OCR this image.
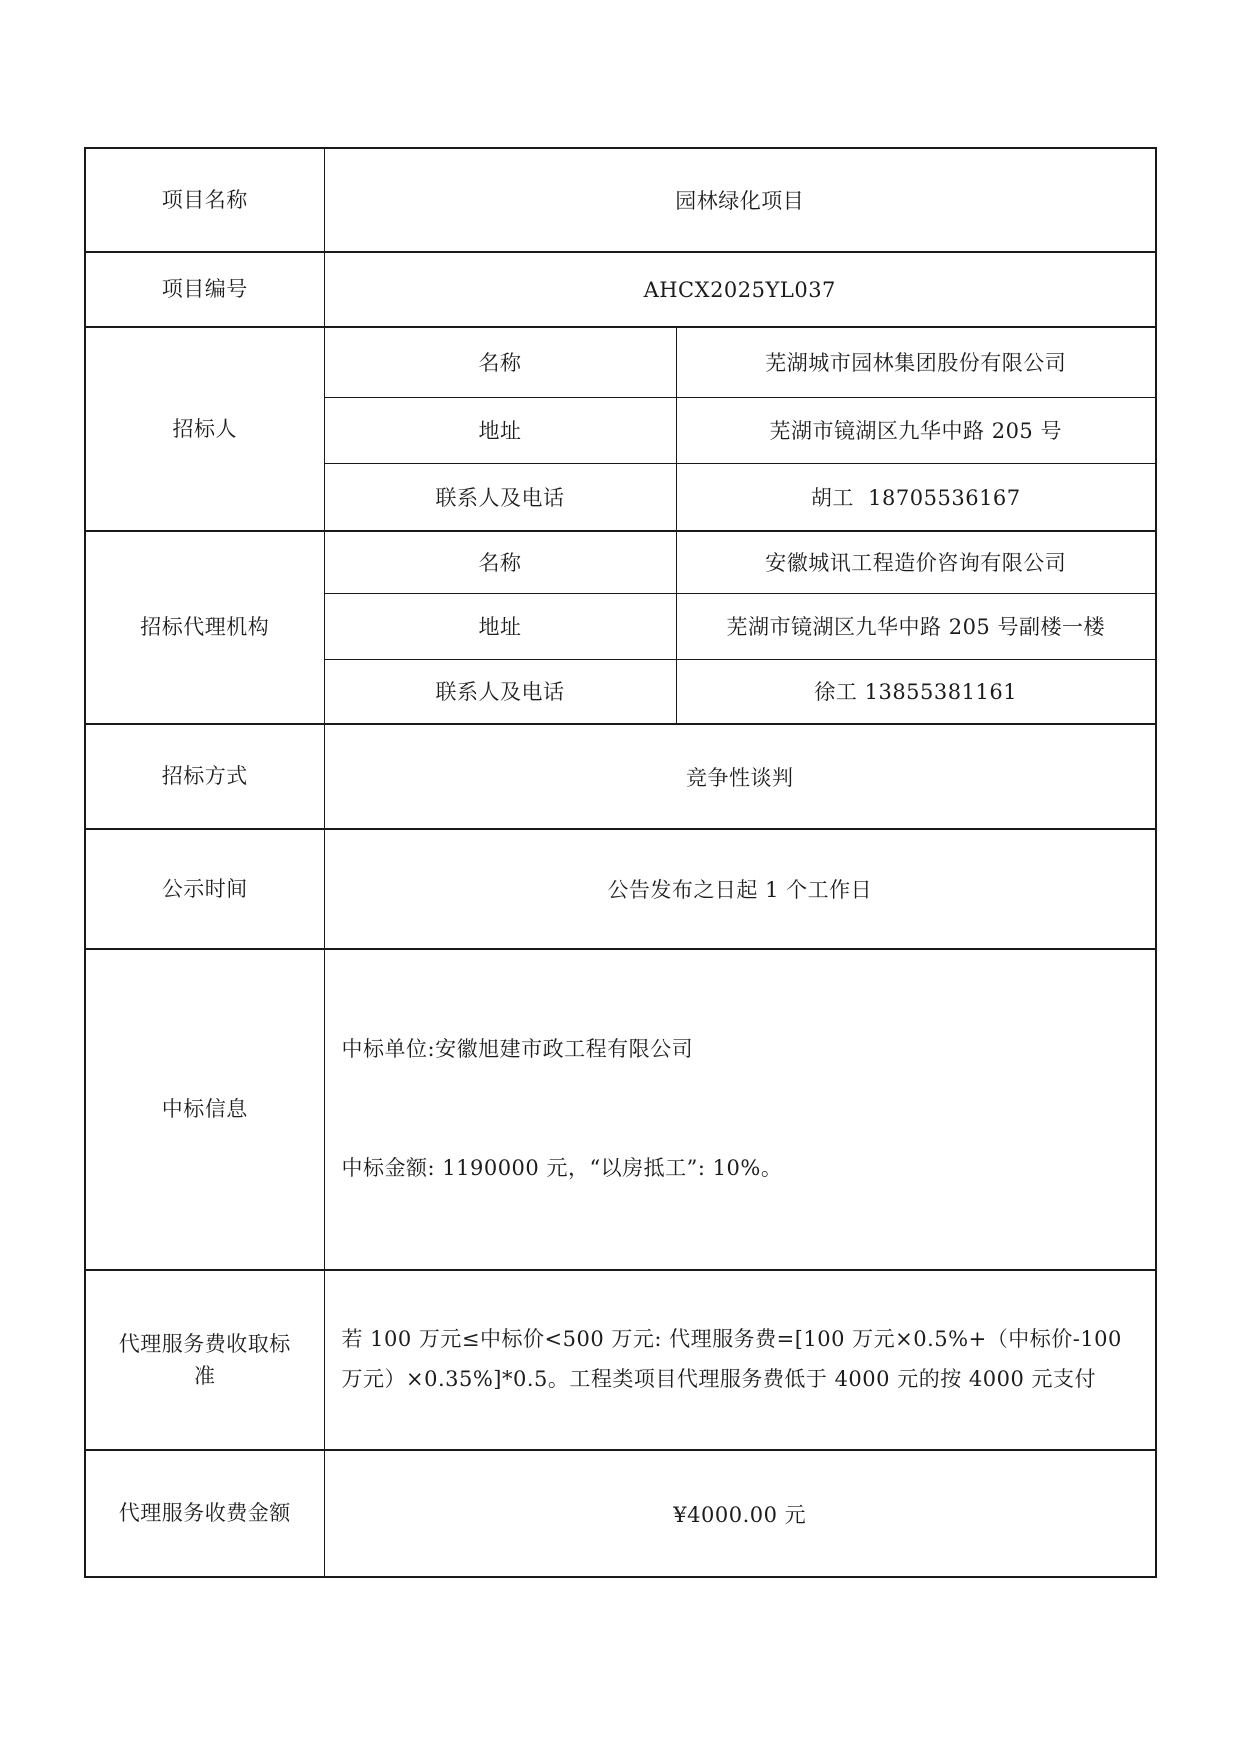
项目名称	园林绿化项目	
项目编号	AHCX2025YL037	
招标人	名称	芜湖城市园林集团股份有限公司
	地址	芜湖市镜湖区九华中路 205 号
	联系人及电话	胡工  18705536167
招标代理机构	名称	安徽城讯工程造价咨询有限公司
	地址	芜湖市镜湖区九华中路 205 号副楼一楼
	联系人及电话	徐工 13855381161
招标方式	竞争性谈判	
公示时间	公告发布之日起 1 个工作日	
中标信息	中标单位:安徽旭建市政工程有限公司

中标金额: 1190000 元，“以房抵工”: 10%。	

代理服务费收取标准	若 100 万元≤中标价<500 万元: 代理服务费=[100 万元×0.5%+（中标价-100 万元）×0.35%]*0.5。工程类项目代理服务费低于 4000 元的按 4000 元支付	
代理服务收费金额	¥4000.00 元	
